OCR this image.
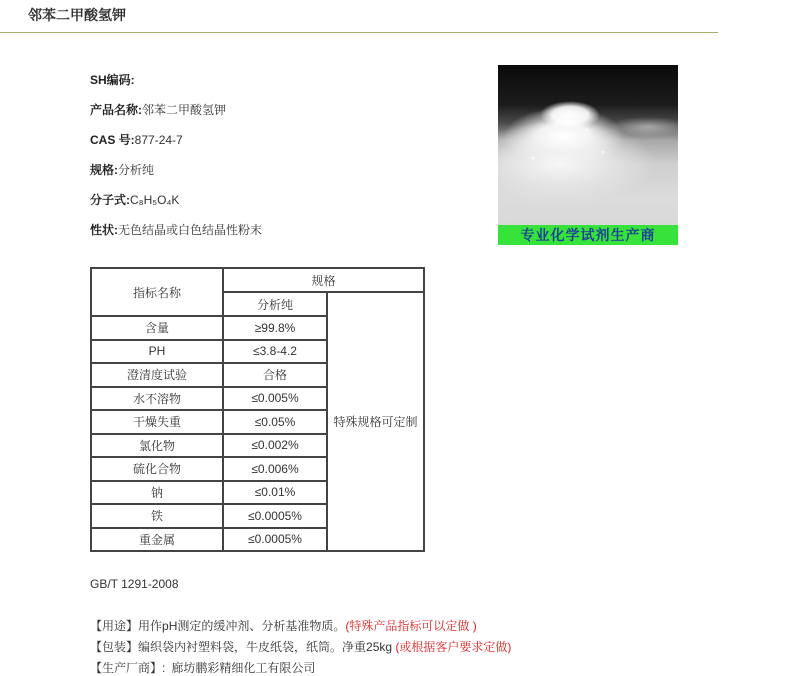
邻苯二甲酸氢钾
SH编码:
产品名称:邻苯二甲酸氢钾
CAS 号:877-24-7
规格:分析纯
分子式:C₈H₅O₄K
性状:无色结晶或白色结晶性粉末	专业化学试剂生产商
指标名称	规格	
	分析纯	特殊规格可定制
含量	≥99.8%	
PH	≤3.8-4.2	
澄清度试验	合格	
水不溶物	≤0.005%	
干燥失重	≤0.05%	
氯化物	≤0.002%	
硫化合物	≤0.006%	
钠	≤0.01%	
铁	≤0.0005%	
重金属	≤0.0005%	
GB/T 1291-2008
【用途】用作pH测定的缓冲剂、分析基准物质。(特殊产品指标可以定做 )
【包装】编织袋内衬塑料袋，牛皮纸袋，纸筒。净重25kg (或根据客户要求定做)
【生产厂商】: 廊坊鹏彩精细化工有限公司
